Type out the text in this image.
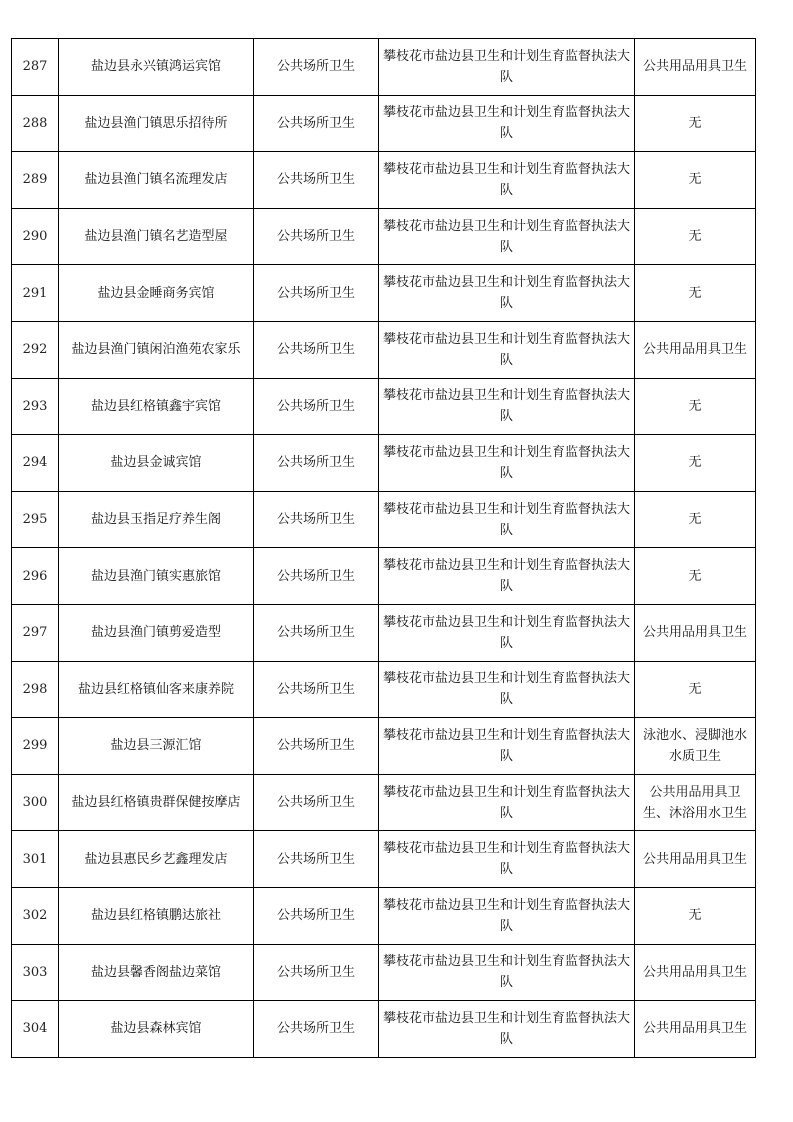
287	盐边县永兴镇鸿运宾馆	公共场所卫生	攀枝花市盐边县卫生和计划生育监督执法大队	公共用品用具卫生
288	盐边县渔门镇思乐招待所	公共场所卫生	攀枝花市盐边县卫生和计划生育监督执法大队	无
289	盐边县渔门镇名流理发店	公共场所卫生	攀枝花市盐边县卫生和计划生育监督执法大队	无
290	盐边县渔门镇名艺造型屋	公共场所卫生	攀枝花市盐边县卫生和计划生育监督执法大队	无
291	盐边县金睡商务宾馆	公共场所卫生	攀枝花市盐边县卫生和计划生育监督执法大队	无
292	盐边县渔门镇闲泊渔苑农家乐	公共场所卫生	攀枝花市盐边县卫生和计划生育监督执法大队	公共用品用具卫生
293	盐边县红格镇鑫宇宾馆	公共场所卫生	攀枝花市盐边县卫生和计划生育监督执法大队	无
294	盐边县金诚宾馆	公共场所卫生	攀枝花市盐边县卫生和计划生育监督执法大队	无
295	盐边县玉指足疗养生阁	公共场所卫生	攀枝花市盐边县卫生和计划生育监督执法大队	无
296	盐边县渔门镇实惠旅馆	公共场所卫生	攀枝花市盐边县卫生和计划生育监督执法大队	无
297	盐边县渔门镇剪爱造型	公共场所卫生	攀枝花市盐边县卫生和计划生育监督执法大队	公共用品用具卫生
298	盐边县红格镇仙客来康养院	公共场所卫生	攀枝花市盐边县卫生和计划生育监督执法大队	无
299	盐边县三源汇馆	公共场所卫生	攀枝花市盐边县卫生和计划生育监督执法大队	泳池水、浸脚池水水质卫生
300	盐边县红格镇贵群保健按摩店	公共场所卫生	攀枝花市盐边县卫生和计划生育监督执法大队	公共用品用具卫生、沐浴用水卫生
301	盐边县惠民乡艺鑫理发店	公共场所卫生	攀枝花市盐边县卫生和计划生育监督执法大队	公共用品用具卫生
302	盐边县红格镇鹏达旅社	公共场所卫生	攀枝花市盐边县卫生和计划生育监督执法大队	无
303	盐边县馨香阁盐边菜馆	公共场所卫生	攀枝花市盐边县卫生和计划生育监督执法大队	公共用品用具卫生
304	盐边县森林宾馆	公共场所卫生	攀枝花市盐边县卫生和计划生育监督执法大队	公共用品用具卫生
